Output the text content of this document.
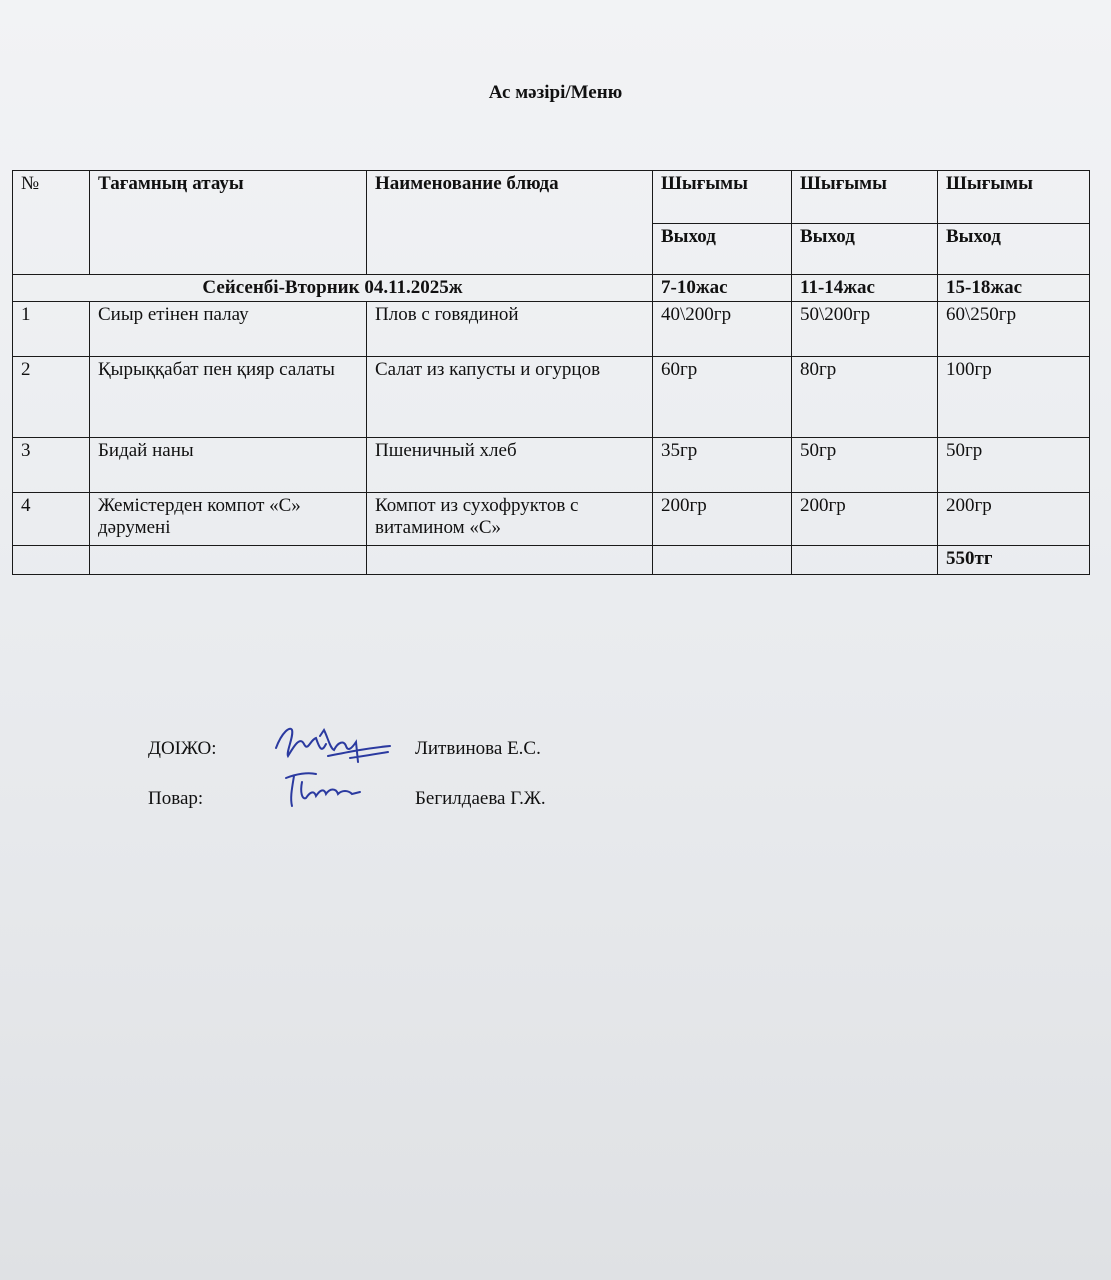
Ас мәзірі/Меню
№	Тағамның атауы	Наименование блюда	Шығымы	Шығымы	Шығымы
			Выход	Выход	Выход
Сейсенбі-Вторник 04.11.2025ж			7-10жас	11-14жас	15-18жас
1	Сиыр етінен палау	Плов с говядиной	40\200гр	50\200гр	60\250гр
2	Қырыққабат пен қияр салаты	Салат из капусты и огурцов	60гр	80гр	100гр
3	Бидай наны	Пшеничный хлеб	35гр	50гр	50гр
4	Жемістерден компот «С» дәрумені	Компот из сухофруктов с витамином «С»	200гр	200гр	200гр
					550тг
ДОІЖО:	Литвинова Е.С.
Повар:	Бегилдаева Г.Ж.
